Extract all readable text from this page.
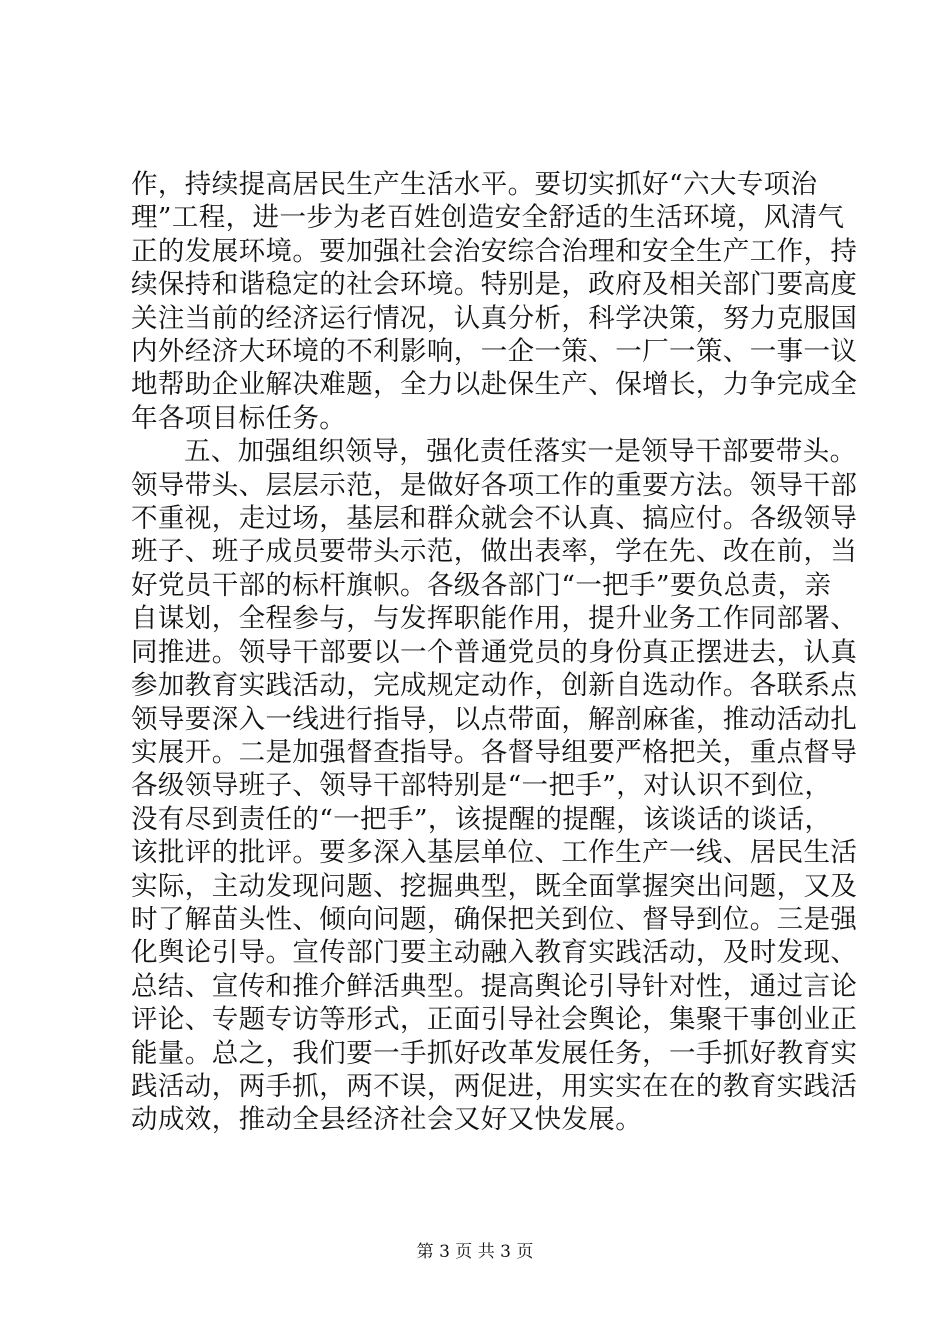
作，持续提高居民生产生活水平。要切实抓好“六大专项治
理”工程，进一步为老百姓创造安全舒适的生活环境，风清气
正的发展环境。要加强社会治安综合治理和安全生产工作，持
续保持和谐稳定的社会环境。特别是，政府及相关部门要高度
关注当前的经济运行情况，认真分析，科学决策，努力克服国
内外经济大环境的不利影响，一企一策、一厂一策、一事一议
地帮助企业解决难题，全力以赴保生产、保增长，力争完成全
年各项目标任务。
五、加强组织领导，强化责任落实一是领导干部要带头。
领导带头、层层示范，是做好各项工作的重要方法。领导干部
不重视，走过场，基层和群众就会不认真、搞应付。各级领导
班子、班子成员要带头示范，做出表率，学在先、改在前，当
好党员干部的标杆旗帜。各级各部门“一把手”要负总责，亲
自谋划，全程参与，与发挥职能作用，提升业务工作同部署、
同推进。领导干部要以一个普通党员的身份真正摆进去，认真
参加教育实践活动，完成规定动作，创新自选动作。各联系点
领导要深入一线进行指导，以点带面，解剖麻雀，推动活动扎
实展开。二是加强督查指导。各督导组要严格把关，重点督导
各级领导班子、领导干部特别是“一把手”，对认识不到位，
没有尽到责任的“一把手”，该提醒的提醒，该谈话的谈话，
该批评的批评。要多深入基层单位、工作生产一线、居民生活
实际，主动发现问题、挖掘典型，既全面掌握突出问题，又及
时了解苗头性、倾向问题，确保把关到位、督导到位。三是强
化舆论引导。宣传部门要主动融入教育实践活动，及时发现、
总结、宣传和推介鲜活典型。提高舆论引导针对性，通过言论
评论、专题专访等形式，正面引导社会舆论，集聚干事创业正
能量。总之，我们要一手抓好改革发展任务，一手抓好教育实
践活动，两手抓，两不误，两促进，用实实在在的教育实践活
动成效，推动全县经济社会又好又快发展。
第 3 页 共 3 页
